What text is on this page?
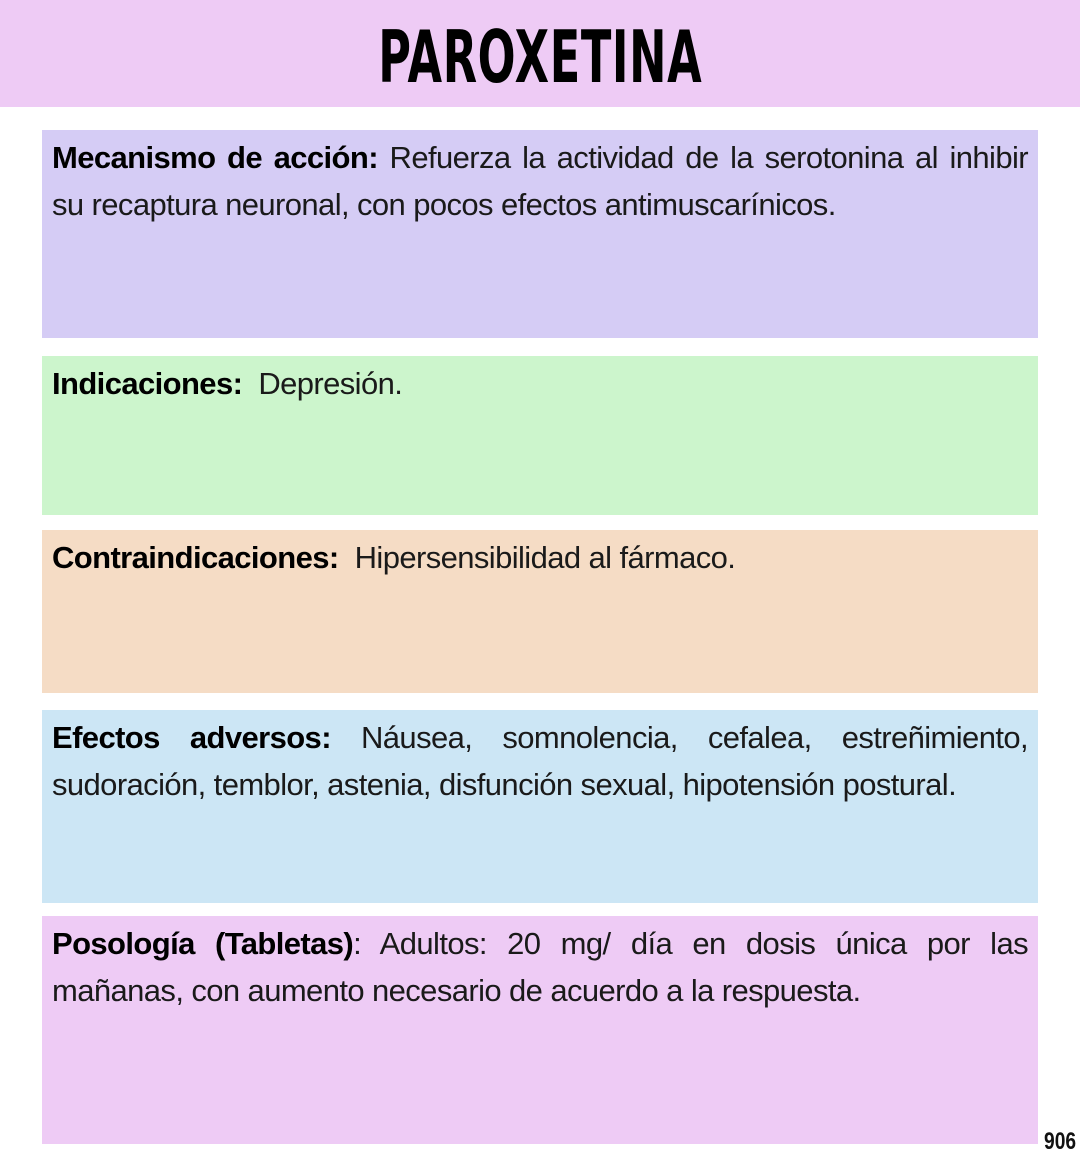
PAROXETINA

Mecanismo de acción: Refuerza la actividad de la serotonina al inhibir su recaptura neuronal, con pocos efectos antimuscarínicos.

Indicaciones: Depresión.

Contraindicaciones: Hipersensibilidad al fármaco.

Efectos adversos: Náusea, somnolencia, cefalea, estreñimiento, sudoración, temblor, astenia, disfunción sexual, hipotensión postural.

Posología (Tabletas): Adultos: 20 mg/ día en dosis única por las mañanas, con aumento necesario de acuerdo a la respuesta.

906
